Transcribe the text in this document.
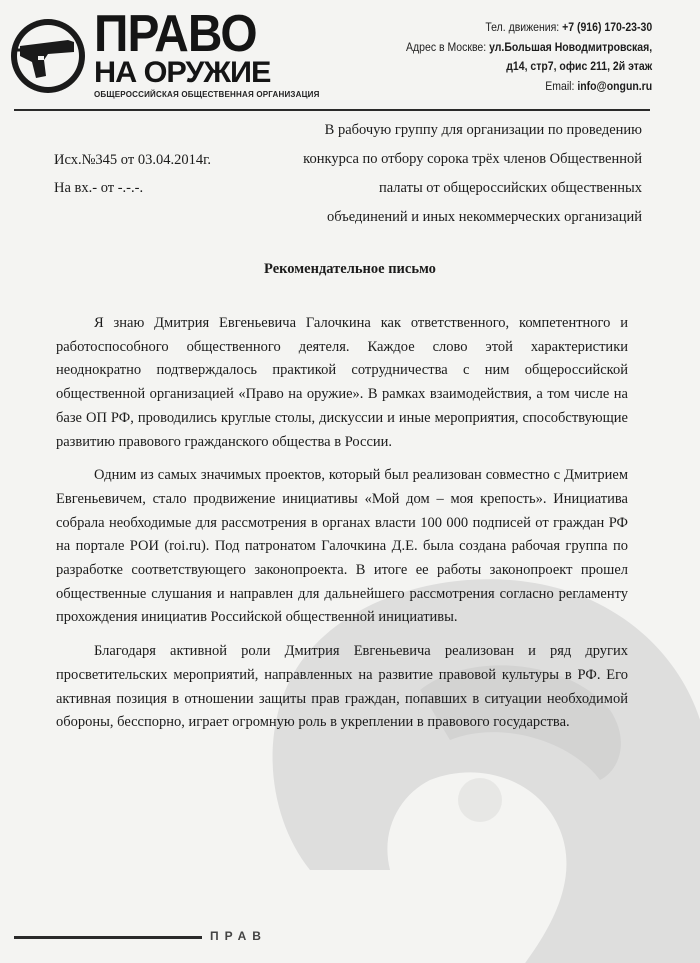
ПРАВО
НА ОРУЖИЕ
ОБЩЕРОССИЙСКАЯ ОБЩЕСТВЕННАЯ ОРГАНИЗАЦИЯ
Тел. движения: +7 (916) 170-23-30
Адрес в Москве: ул.Большая Новодмитровская,
д14, стр7, офис 211, 2й этаж
Email: info@ongun.ru
Исх.№345 от 03.04.2014г.
На вх.- от -.-.-.
В рабочую группу для организации по проведению
конкурса по отбору сорока трёх членов Общественной
палаты от общероссийских общественных
объединений и иных некоммерческих организаций
Рекомендательное письмо

Я знаю Дмитрия Евгеньевича Галочкина как ответственного, компетентного и работоспособного общественного деятеля. Каждое слово этой характеристики неоднократно подтверждалось практикой сотрудничества с ним общероссийской общественной организацией «Право на оружие». В рамках взаимодействия, а том числе на базе ОП РФ, проводились круглые столы, дискуссии и иные мероприятия, способствующие развитию правового гражданского общества в России.

Одним из самых значимых проектов, который был реализован совместно с Дмитрием Евгеньевичем, стало продвижение инициативы «Мой дом – моя крепость». Инициатива собрала необходимые для рассмотрения в органах власти 100 000 подписей от граждан РФ на портале РОИ (roi.ru). Под патронатом Галочкина Д.Е. была создана рабочая группа по разработке соответствующего законопроекта. В итоге ее работы законопроект прошел общественные слушания и направлен для дальнейшего рассмотрения согласно регламенту прохождения инициатив Российской общественной инициативы.

Благодаря активной роли Дмитрия Евгеньевича реализован и ряд других просветительских мероприятий, направленных на развитие правовой культуры в РФ. Его активная позиция в отношении защиты прав граждан, попавших в ситуации необходимой обороны, бесспорно, играет огромную роль в укреплении в правового государства.

ПРАВ
